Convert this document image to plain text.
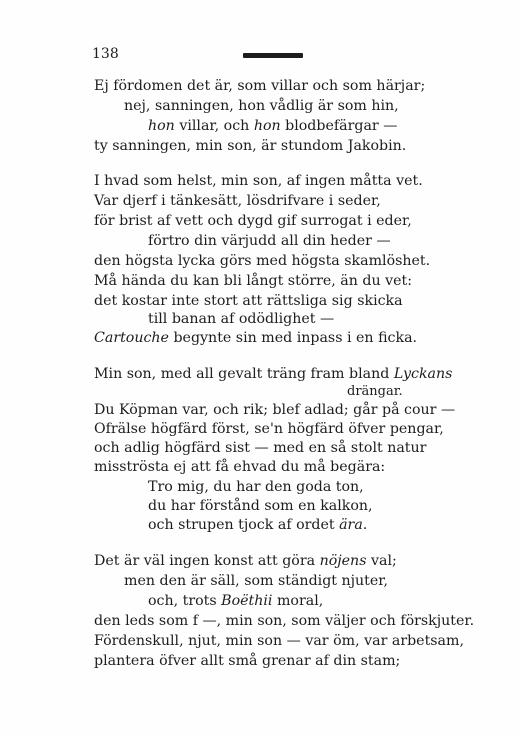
138
Ej fördomen det är, som villar och som härjar;
nej, sanningen, hon vådlig är som hin,
hon villar, och hon blodbefärgar —
ty sanningen, min son, är stundom Jakobin.
I hvad som helst, min son, af ingen måtta vet.
Var djerf i tänkesätt, lösdrifvare i seder,
för brist af vett och dygd gif surrogat i eder,
förtro din värjudd all din heder —
den högsta lycka görs med högsta skamlöshet.
Må hända du kan bli långt större, än du vet:
det kostar inte stort att rättsliga sig skicka
till banan af odödlighet —
Cartouche begynte sin med inpass i en ficka.
Min son, med all gevalt träng fram bland Lyckans
drängar.
Du Köpman var, och rik; blef adlad; går på cour —
Ofrälse högfärd först, se'n högfärd öfver pengar,
och adlig högfärd sist — med en så stolt natur
misströsta ej att få ehvad du må begära:
Tro mig, du har den goda ton,
du har förstånd som en kalkon,
och strupen tjock af ordet ära.
Det är väl ingen konst att göra nöjens val;
men den är säll, som ständigt njuter,
och, trots Boëthii moral,
den leds som f —, min son, som väljer och förskjuter.
Fördenskull, njut, min son — var öm, var arbetsam,
plantera öfver allt små grenar af din stam;
